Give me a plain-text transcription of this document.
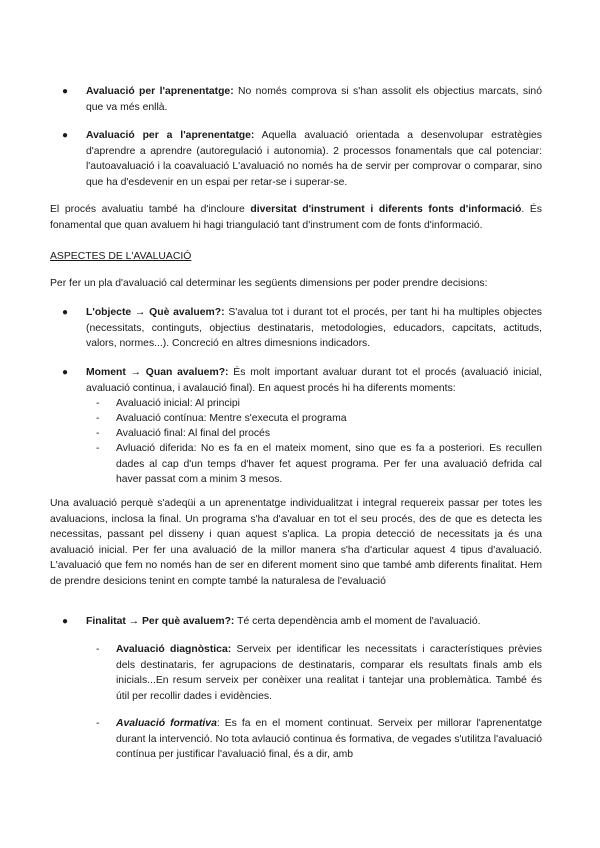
● Avaluació per l'aprenentatge: No només comprova si s'han assolit els objectius marcats, sinó que va més enllà.

● Avaluació per a l'aprenentatge: Aquella avaluació orientada a desenvolupar estratègies d'aprendre a aprendre (autoregulació i autonomia). 2 processos fonamentals que cal potenciar: l'autoavaluació i la coavaluació L'avaluació no només ha de servir per comprovar o comparar, sino que ha d'esdevenir en un espai per retar-se i superar-se.

El procés avaluatiu també ha d'incloure diversitat d'instrument i diferents fonts d'informació. És fonamental que quan avaluem hi hagi triangulació tant d'instrument com de fonts d'informació.

ASPECTES DE L'AVALUACIÓ

Per fer un pla d'avaluació cal determinar les següents dimensions per poder prendre decisions:

● L'objecte → Què avaluem?: S'avalua tot i durant tot el procés, per tant hi ha multiples objectes (necessitats, continguts, objectius destinataris, metodologies, educadors, capcitats, actituds, valors, normes...). Concreció en altres dimesnions indicadors.

● Moment → Quan avaluem?: És molt important avaluar durant tot el procés (avaluació inicial, avaluació continua, i avalaució final). En aquest procés hi ha diferents moments:

-	Avaluació inicial: Al principi

-	Avaluació contínua: Mentre s'executa el programa

-	Avaluació final: Al final del procés

-	Avluació diferida: No es fa en el mateix moment, sino que es fa a posteriori. Es recullen dades al cap d'un temps d'haver fet aquest programa. Per fer una avaluació defrida cal haver passat com a minim 3 mesos.

Una avaluació perquè s'adeqüi a un aprenentatge individualitzat i integral requereix passar per totes les avaluacions, inclosa la final. Un programa s'ha d'avaluar en tot el seu procés, des de que es detecta les necessitas, passant pel disseny i quan aquest s'aplica. La propia detecció de necessitats ja és una avaluació inicial. Per fer una avaluació de la millor manera s'ha d'articular aquest 4 tipus d'avaluació. L'avaluació que fem no només han de ser en diferent moment sino que també amb diferents finalitat. Hem de prendre desicions tenint en compte també la naturalesa de l'evaluació

● Finalitat → Per què avaluem?: Té certa dependència amb el moment de l'avaluació.

-	Avaluació diagnòstica: Serveix per identificar les necessitats i característiques prèvies dels destinataris, fer agrupacions de destinataris, comparar els resultats finals amb els inicials...En resum serveix per conèixer una realitat i tantejar una problemàtica. També és útil per recollir dades i evidències.

-	Avaluació formativa: Es fa en el moment continuat. Serveix per millorar l'aprenentatge durant la intervenció. No tota avlaució continua és formativa, de vegades s'utilitza l'avaluació contínua per justificar l'avaluació final, és a dir, amb
